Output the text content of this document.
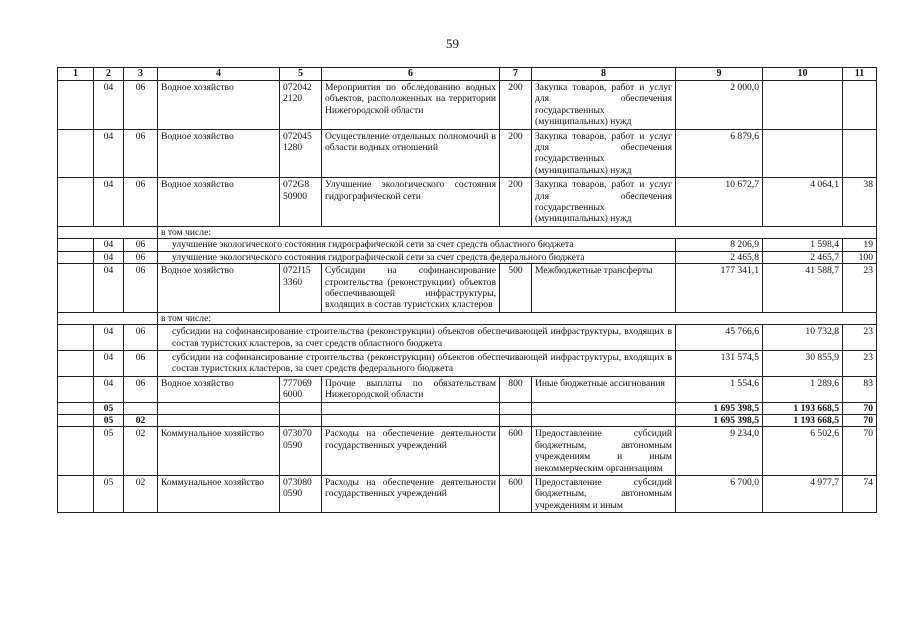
59
1	2	3	4	5	6	7	8	9	10	11
	04	06	Водное хозяйство	072042 2120	Мероприятия по обследованию водных объектов, расположенных на территории Нижегородской области	200	Закупка товаров, работ и услуг для обеспечения государственных (муниципальных) нужд	2 000,0		
	04	06	Водное хозяйство	072045 1280	Осуществление отдельных полномочий в области водных отношений	200	Закупка товаров, работ и услуг для обеспечения государственных (муниципальных) нужд	6 879,6		
	04	06	Водное хозяйство	072G8 50900	Улучшение экологического состояния гидрографической сети	200	Закупка товаров, работ и услуг для обеспечения государственных (муниципальных) нужд	10 672,7	4 064,1	38
			в том числе:							
	04	06	улучшение экологического состояния гидрографической сети за счет средств областного бюджета					8 206,9	1 598,4	19
	04	06	улучшение экологического состояния гидрографической сети за счет средств федерального бюджета					2 465,8	2 465,7	100
	04	06	Водное хозяйство	072J15 3360	Субсидии на софинансирование строительства (реконструкции) объектов обеспечивающей инфраструктуры, входящих в состав туристских кластеров	500	Межбюджетные трансферты	177 341,1	41 588,7	23
			в том числе:							
	04	06	субсидии на софинансирование строительства (реконструкции) объектов обеспечивающей инфраструктуры, входящих в состав туристских кластеров, за счет средств областного бюджета					45 766,6	10 732,8	23
	04	06	субсидии на софинансирование строительства (реконструкции) объектов обеспечивающей инфраструктуры, входящих в состав туристских кластеров, за счет средств федерального бюджета					131 574,5	30 855,9	23
	04	06	Водное хозяйство	777069 6000	Прочие выплаты по обязательствам Нижегородской области	800	Иные бюджетные ассигнования	1 554,6	1 289,6	83
	05							1 695 398,5	1 193 668,5	70
	05	02						1 695 398,5	1 193 668,5	70
	05	02	Коммунальное хозяйство	073070 0590	Расходы на обеспечение деятельности государственных учреждений	600	Предоставление субсидий бюджетным, автономным учреждениям и иным некоммерческим организациям	9 234,0	6 502,6	70
	05	02	Коммунальное хозяйство	073080 0590	Расходы на обеспечение деятельности государственных учреждений	600	Предоставление субсидий бюджетным, автономным учреждениям и иным	6 700,0	4 977,7	74
